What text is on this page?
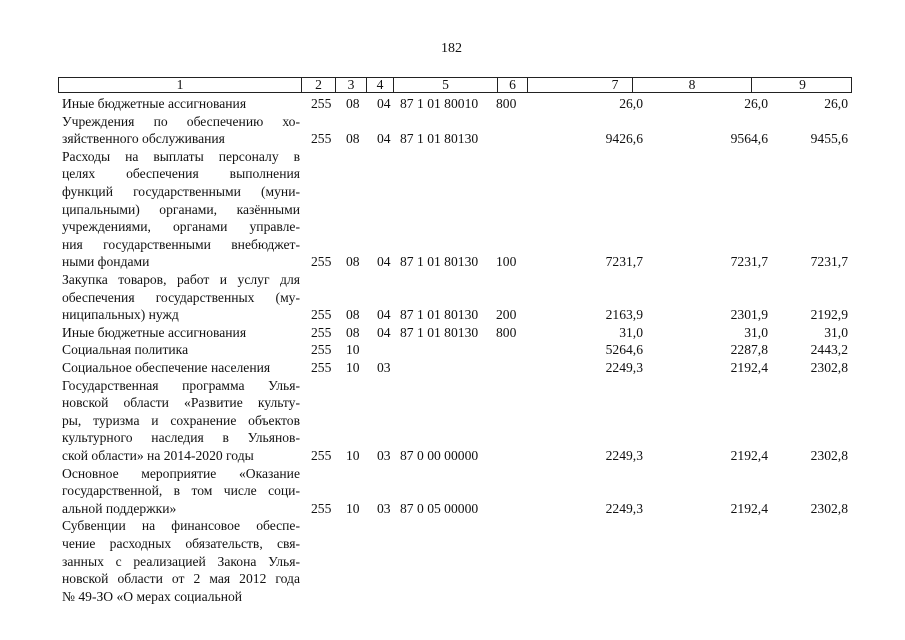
182
1	2	3	4	5	6	7	8	9
Иные бюджетные ассигнования	255 08 04 87 1 01 80010 800	26,0	26,0	26,0
Учреждения по обеспечению хо-
зяйственного обслуживания	255 08 04 87 1 01 80130	9426,6	9564,6	9455,6
Расходы на выплаты персоналу в
целях обеспечения выполнения
функций государственными (муни-
ципальными) органами, казёнными
учреждениями, органами управле-
ния государственными внебюджет-
ными фондами	255 08 04 87 1 01 80130 100	7231,7	7231,7	7231,7
Закупка товаров, работ и услуг для
обеспечения государственных (му-
ниципальных) нужд	255 08 04 87 1 01 80130 200	2163,9	2301,9	2192,9
Иные бюджетные ассигнования	255 08 04 87 1 01 80130 800	31,0	31,0	31,0
Социальная политика	255 10	5264,6	2287,8	2443,2
Социальное обеспечение населения	255 10 03	2249,3	2192,4	2302,8
Государственная программа Улья-
новской области «Развитие культу-
ры, туризма и сохранение объектов
культурного наследия в Ульянов-
ской области» на 2014-2020 годы	255 10 03 87 0 00 00000	2249,3	2192,4	2302,8
Основное мероприятие «Оказание
государственной, в том числе соци-
альной поддержки»	255 10 03 87 0 05 00000	2249,3	2192,4	2302,8
Субвенции на финансовое обеспе-
чение расходных обязательств, свя-
занных с реализацией Закона Улья-
новской области от 2 мая 2012 года
№ 49-ЗО «О мерах социальной
